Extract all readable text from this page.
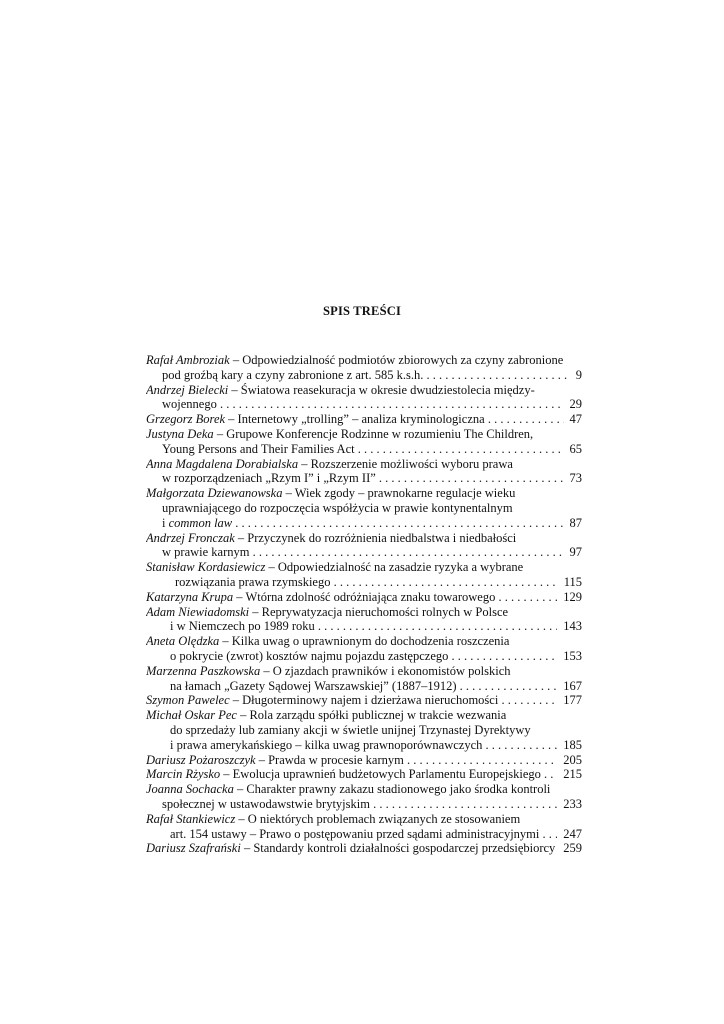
SPIS TREŚCI
Rafał Ambroziak – Odpowiedzialność podmiotów zbiorowych za czyny zabronione
pod groźbą kary a czyny zabronione z art. 585 k.s.h. . . .	9
Andrzej Bielecki – Światowa reasekuracja w okresie dwudziestolecia między-
wojennego . . .	29
Grzegorz Borek – Internetowy „trolling” – analiza kryminologiczna . . .	47
Justyna Deka – Grupowe Konferencje Rodzinne w rozumieniu The Children,
Young Persons and Their Families Act . . .	65
Anna Magdalena Dorabialska – Rozszerzenie możliwości wyboru prawa
w rozporządzeniach „Rzym I” i „Rzym II” . . .	73
Małgorzata Dziewanowska – Wiek zgody – prawnokarne regulacje wieku
uprawniającego do rozpoczęcia współżycia w prawie kontynentalnym
i common law . . .	87
Andrzej Fronczak – Przyczynek do rozróżnienia niedbalstwa i niedbałości
w prawie karnym . . .	97
Stanisław Kordasiewicz – Odpowiedzialność na zasadzie ryzyka a wybrane
rozwiązania prawa rzymskiego . . .	115
Katarzyna Krupa – Wtórna zdolność odróżniająca znaku towarowego . . .	129
Adam Niewiadomski – Reprywatyzacja nieruchomości rolnych w Polsce
i w Niemczech po 1989 roku . . .	143
Aneta Olędzka – Kilka uwag o uprawnionym do dochodzenia roszczenia
o pokrycie (zwrot) kosztów najmu pojazdu zastępczego . . .	153
Marzenna Paszkowska – O zjazdach prawników i ekonomistów polskich
na łamach „Gazety Sądowej Warszawskiej” (1887–1912) . . .	167
Szymon Pawelec – Długoterminowy najem i dzierżawa nieruchomości . . .	177
Michał Oskar Pec – Rola zarządu spółki publicznej w trakcie wezwania
do sprzedaży lub zamiany akcji w świetle unijnej Trzynastej Dyrektywy
i prawa amerykańskiego – kilka uwag prawnoporównawczych . . .	185
Dariusz Pożaroszczyk – Prawda w procesie karnym . . .	205
Marcin Rżysko – Ewolucja uprawnień budżetowych Parlamentu Europejskiego . . .	215
Joanna Sochacka – Charakter prawny zakazu stadionowego jako środka kontroli
społecznej w ustawodawstwie brytyjskim . . .	233
Rafał Stankiewicz – O niektórych problemach związanych ze stosowaniem
art. 154 ustawy – Prawo o postępowaniu przed sądami administracyjnymi . . .	247
Dariusz Szafrański – Standardy kontroli działalności gospodarczej przedsiębiorcy . . . 259
